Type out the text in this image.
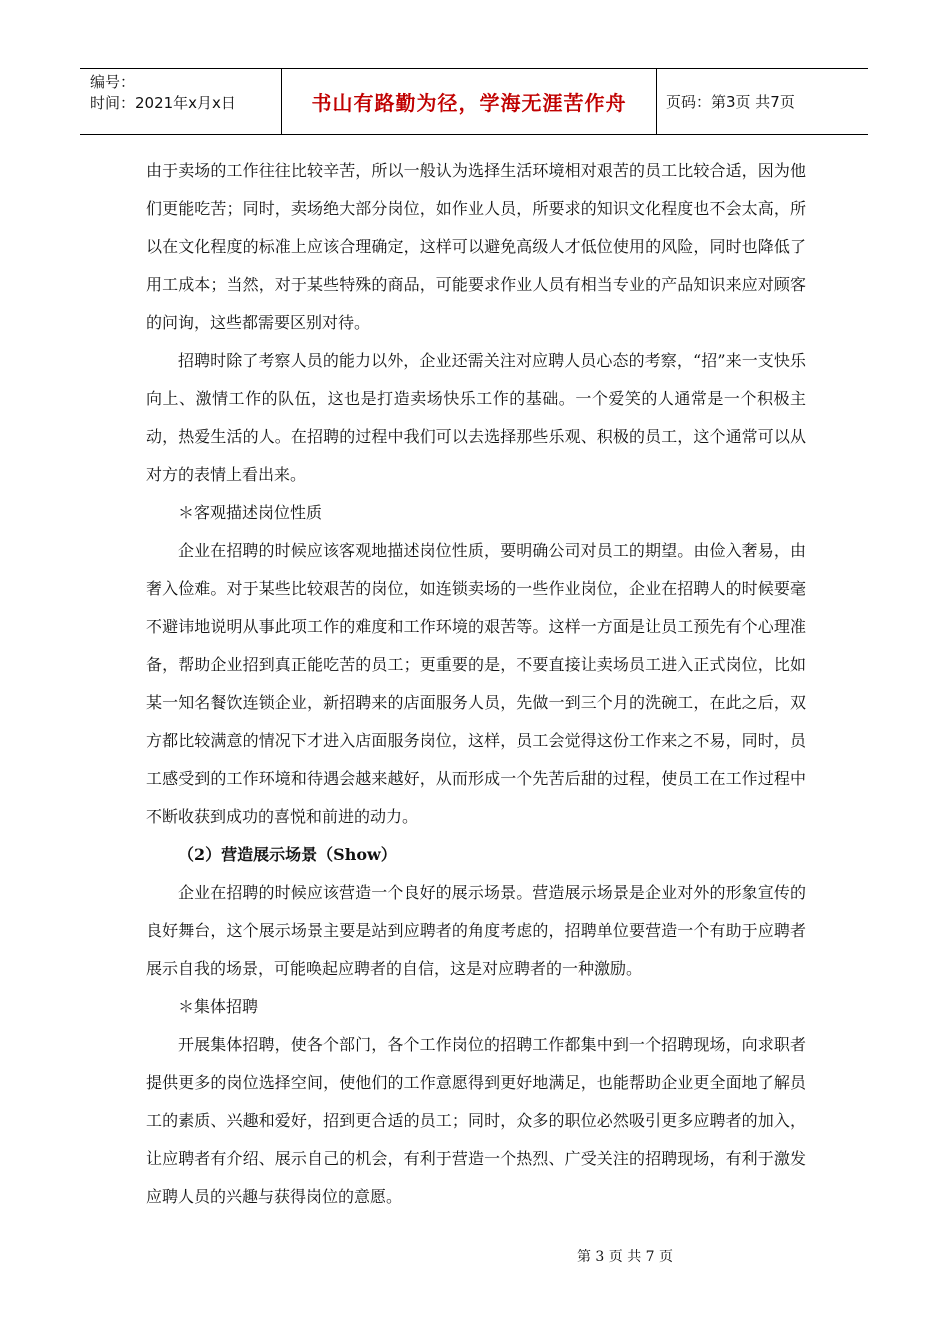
编号：
时间：2021年x月x日	书山有路勤为径，学海无涯苦作舟	页码：第3页 共7页

由于卖场的工作往往比较辛苦，所以一般认为选择生活环境相对艰苦的员工比较合适，因为他们更能吃苦；同时，卖场绝大部分岗位，如作业人员，所要求的知识文化程度也不会太高，所以在文化程度的标准上应该合理确定，这样可以避免高级人才低位使用的风险，同时也降低了用工成本；当然，对于某些特殊的商品，可能要求作业人员有相当专业的产品知识来应对顾客的问询，这些都需要区别对待。

招聘时除了考察人员的能力以外，企业还需关注对应聘人员心态的考察，“招”来一支快乐向上、激情工作的队伍，这也是打造卖场快乐工作的基础。一个爱笑的人通常是一个积极主动，热爱生活的人。在招聘的过程中我们可以去选择那些乐观、积极的员工，这个通常可以从对方的表情上看出来。

＊客观描述岗位性质

企业在招聘的时候应该客观地描述岗位性质，要明确公司对员工的期望。由俭入奢易，由奢入俭难。对于某些比较艰苦的岗位，如连锁卖场的一些作业岗位，企业在招聘人的时候要毫不避讳地说明从事此项工作的难度和工作环境的艰苦等。这样一方面是让员工预先有个心理准备，帮助企业招到真正能吃苦的员工；更重要的是，不要直接让卖场员工进入正式岗位，比如某一知名餐饮连锁企业，新招聘来的店面服务人员，先做一到三个月的洗碗工，在此之后，双方都比较满意的情况下才进入店面服务岗位，这样，员工会觉得这份工作来之不易，同时，员工感受到的工作环境和待遇会越来越好，从而形成一个先苦后甜的过程，使员工在工作过程中不断收获到成功的喜悦和前进的动力。

（2）营造展示场景（Show）

企业在招聘的时候应该营造一个良好的展示场景。营造展示场景是企业对外的形象宣传的良好舞台，这个展示场景主要是站到应聘者的角度考虑的，招聘单位要营造一个有助于应聘者展示自我的场景，可能唤起应聘者的自信，这是对应聘者的一种激励。

＊集体招聘

开展集体招聘，使各个部门，各个工作岗位的招聘工作都集中到一个招聘现场，向求职者提供更多的岗位选择空间，使他们的工作意愿得到更好地满足，也能帮助企业更全面地了解员工的素质、兴趣和爱好，招到更合适的员工；同时，众多的职位必然吸引更多应聘者的加入，让应聘者有介绍、展示自己的机会，有利于营造一个热烈、广受关注的招聘现场，有利于激发应聘人员的兴趣与获得岗位的意愿。

第 3 页 共 7 页
